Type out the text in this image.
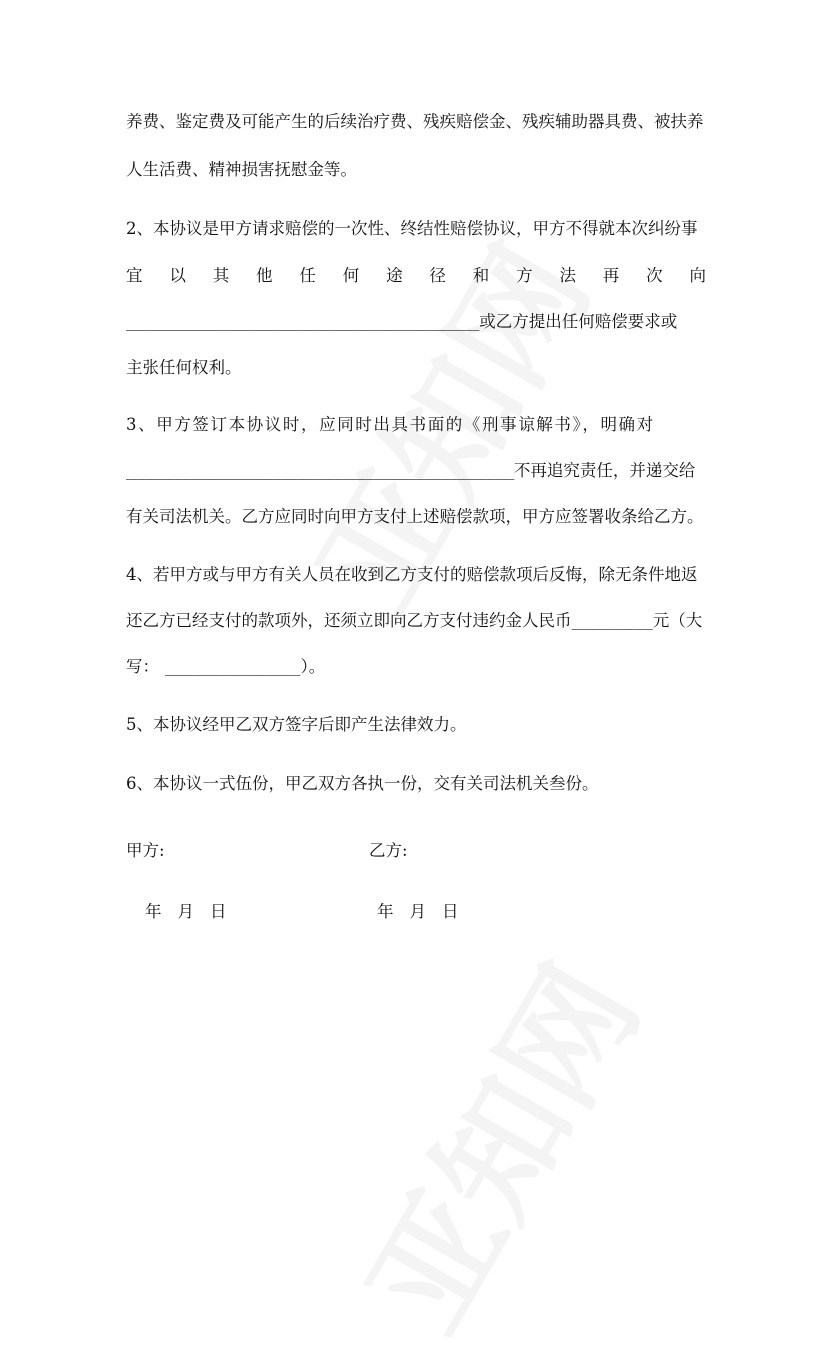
养费、鉴定费及可能产生的后续治疗费、残疾赔偿金、残疾辅助器具费、被扶养
人生活费、精神损害抚慰金等。
2、本协议是甲方请求赔偿的一次性、终结性赔偿协议，甲方不得就本次纠纷事
宜 以 其 他 任 何 途 径 和 方 法 再 次 向
________________________________________或乙方提出任何赔偿要求或
主张任何权利。
3、甲方签订本协议时，应同时出具书面的《刑事谅解书》，明确对
______________________________________________不再追究责任，并递交给
有关司法机关。乙方应同时向甲方支付上述赔偿款项，甲方应签署收条给乙方。
4、若甲方或与甲方有关人员在收到乙方支付的赔偿款项后反悔，除无条件地返
还乙方已经支付的款项外，还须立即向乙方支付违约金人民币_________元（大
写： _______________）。
5、本协议经甲乙双方签字后即产生法律效力。
6、本协议一式伍份，甲乙双方各执一份，交有关司法机关叁份。
甲方:	乙方:
年 月 日	年 月 日
